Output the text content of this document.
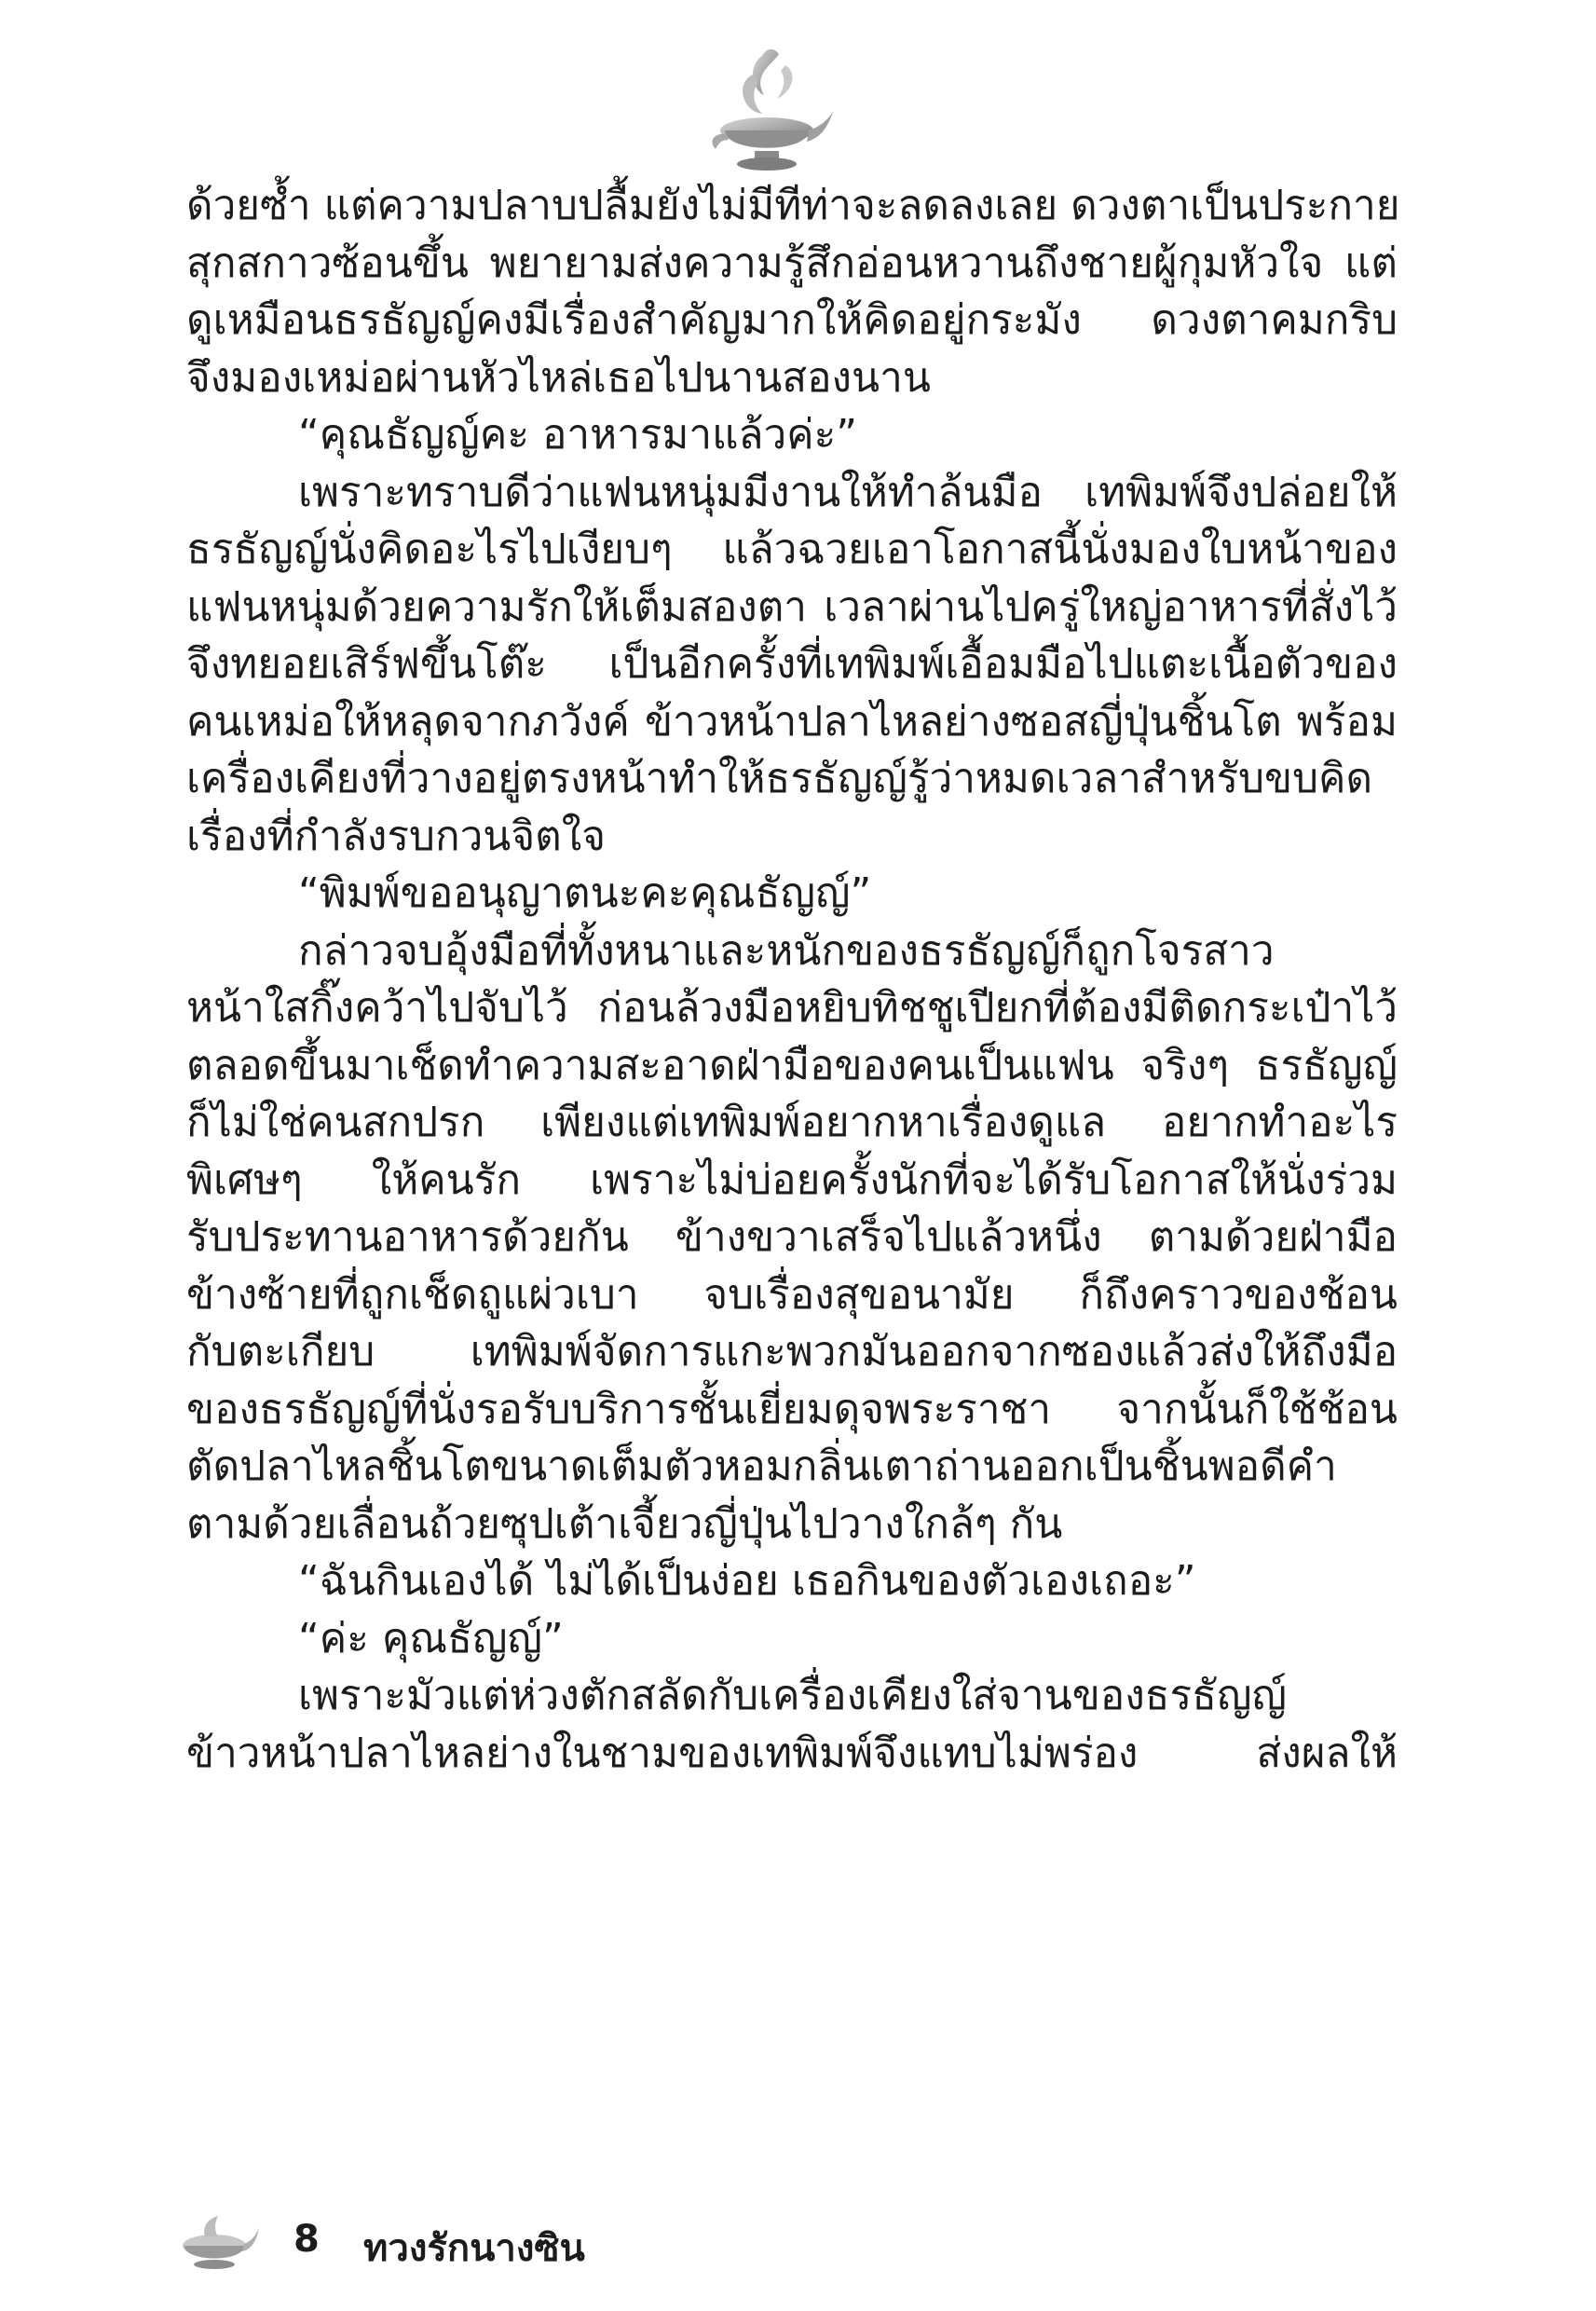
ด้วยซ้ำ แต่ความปลาบปลื้มยังไม่มีทีท่าจะลดลงเลย ดวงตาเป็นประกาย
สุกสกาวซ้อนขึ้น พยายามส่งความรู้สึกอ่อนหวานถึงชายผู้กุมหัวใจ แต่
ดูเหมือนธรธัญญ์คงมีเรื่องสำคัญมากให้คิดอยู่กระมัง ดวงตาคมกริบ
จึงมองเหม่อผ่านหัวไหล่เธอไปนานสองนาน
“คุณธัญญ์คะ อาหารมาแล้วค่ะ”
เพราะทราบดีว่าแฟนหนุ่มมีงานให้ทำล้นมือ เทพิมพ์จึงปล่อยให้
ธรธัญญ์นั่งคิดอะไรไปเงียบๆ แล้วฉวยเอาโอกาสนี้นั่งมองใบหน้าของ
แฟนหนุ่มด้วยความรักให้เต็มสองตา เวลาผ่านไปครู่ใหญ่อาหารที่สั่งไว้
จึงทยอยเสิร์ฟขึ้นโต๊ะ เป็นอีกครั้งที่เทพิมพ์เอื้อมมือไปแตะเนื้อตัวของ
คนเหม่อให้หลุดจากภวังค์ ข้าวหน้าปลาไหลย่างซอสญี่ปุ่นชิ้นโต พร้อม
เครื่องเคียงที่วางอยู่ตรงหน้าทำให้ธรธัญญ์รู้ว่าหมดเวลาสำหรับขบคิด
เรื่องที่กำลังรบกวนจิตใจ
“พิมพ์ขออนุญาตนะคะคุณธัญญ์”
กล่าวจบอุ้งมือที่ทั้งหนาและหนักของธรธัญญ์ก็ถูกโจรสาว
หน้าใสกิ๊งคว้าไปจับไว้ ก่อนล้วงมือหยิบทิชชูเปียกที่ต้องมีติดกระเป๋าไว้
ตลอดขึ้นมาเช็ดทำความสะอาดฝ่ามือของคนเป็นแฟน จริงๆ ธรธัญญ์
ก็ไม่ใช่คนสกปรก เพียงแต่เทพิมพ์อยากหาเรื่องดูแล อยากทำอะไร
พิเศษๆ ให้คนรัก เพราะไม่บ่อยครั้งนักที่จะได้รับโอกาสให้นั่งร่วม
รับประทานอาหารด้วยกัน ข้างขวาเสร็จไปแล้วหนึ่ง ตามด้วยฝ่ามือ
ข้างซ้ายที่ถูกเช็ดถูแผ่วเบา จบเรื่องสุขอนามัย ก็ถึงคราวของช้อน
กับตะเกียบ เทพิมพ์จัดการแกะพวกมันออกจากซองแล้วส่งให้ถึงมือ
ของธรธัญญ์ที่นั่งรอรับบริการชั้นเยี่ยมดุจพระราชา จากนั้นก็ใช้ช้อน
ตัดปลาไหลชิ้นโตขนาดเต็มตัวหอมกลิ่นเตาถ่านออกเป็นชิ้นพอดีคำ
ตามด้วยเลื่อนถ้วยซุปเต้าเจี้ยวญี่ปุ่นไปวางใกล้ๆ กัน
“ฉันกินเองได้ ไม่ได้เป็นง่อย เธอกินของตัวเองเถอะ”
“ค่ะ คุณธัญญ์”
เพราะมัวแต่ห่วงตักสลัดกับเครื่องเคียงใส่จานของธรธัญญ์
ข้าวหน้าปลาไหลย่างในชามของเทพิมพ์จึงแทบไม่พร่อง ส่งผลให้
8 ทวงรักนางซิน
